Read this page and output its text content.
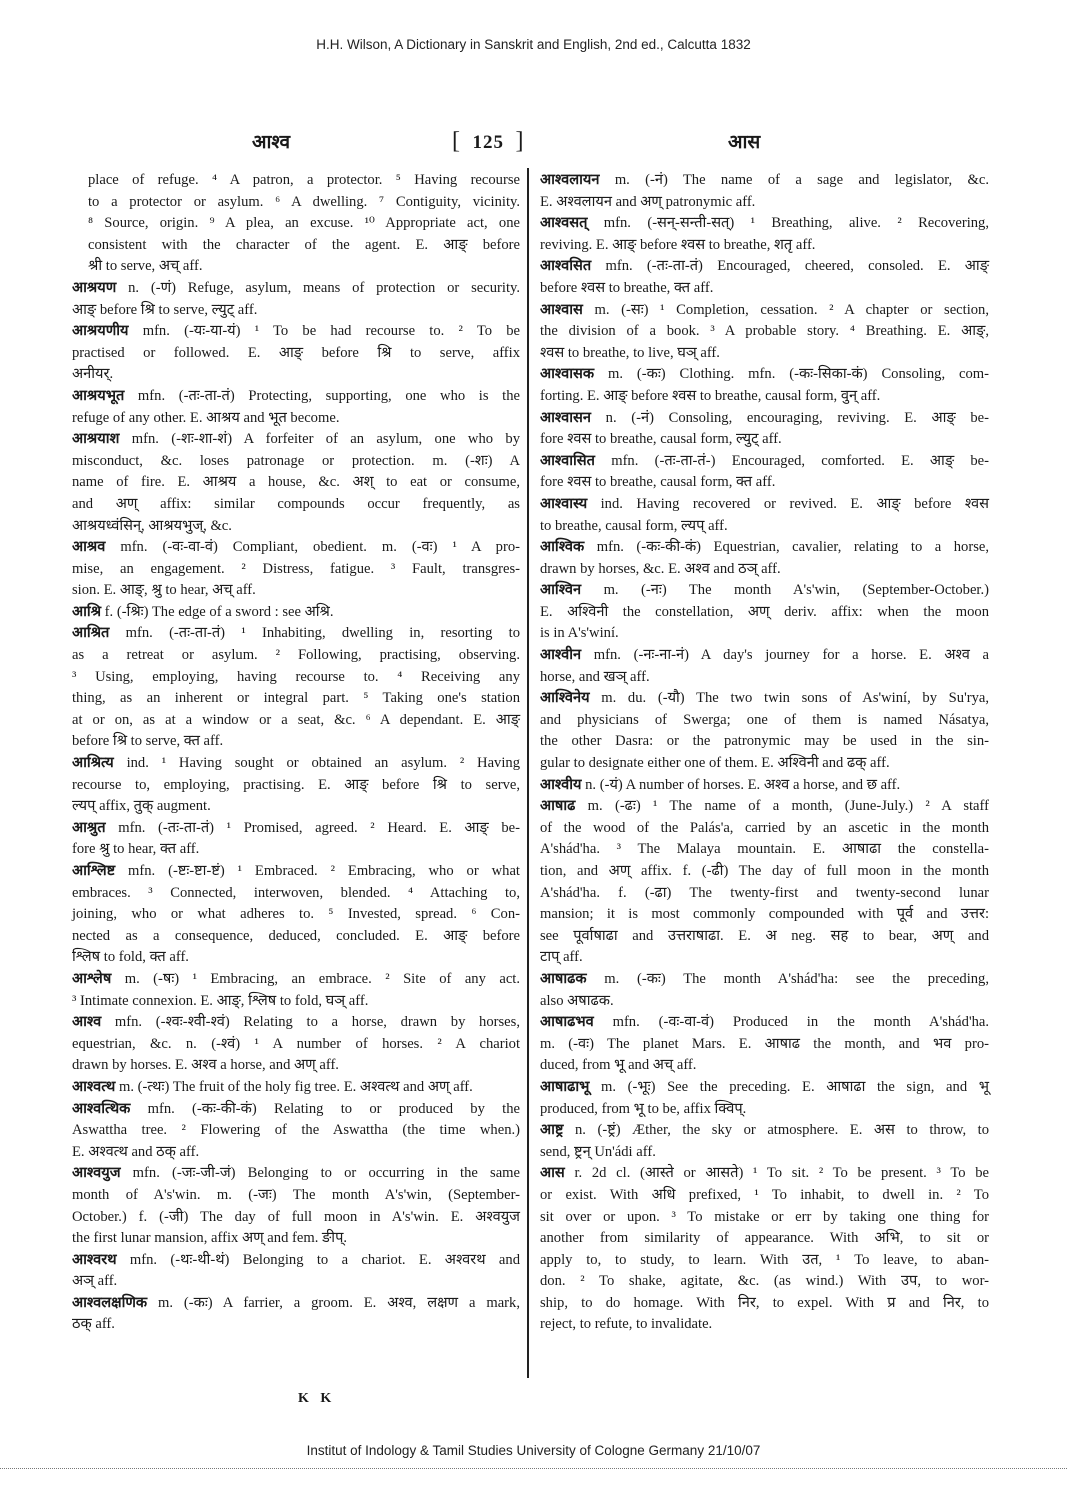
H.H. Wilson, A Dictionary in Sanskrit and English, 2nd ed., Calcutta 1832
आश्व	[ 125 ]	आस
place of refuge. ⁴ A patron, a protector. ⁵ Having recourse
to a protector or asylum. ⁶ A dwelling. ⁷ Contiguity, vicinity.
⁸ Source, origin. ⁹ A plea, an excuse. ¹⁰ Appropriate act, one
consistent with the character of the agent. E. आङ् before
श्री to serve, अच् aff.
आश्रयण n. (-णं) Refuge, asylum, means of protection or security.
आङ् before श्रि to serve, ल्युट् aff.
आश्रयणीय mfn. (-यः-या-यं) ¹ To be had recourse to. ² To be
practised or followed. E. आङ् before श्रि to serve, affix
अनीयर्.
आश्रयभूत mfn. (-तः-ता-तं) Protecting, supporting, one who is the
refuge of any other. E. आश्रय and भूत become.
आश्रयाश mfn. (-शः-शा-शं) A forfeiter of an asylum, one who by
misconduct, &c. loses patronage or protection. m. (-शः) A
name of fire. E. आश्रय a house, &c. अश् to eat or consume,
and अण् affix: similar compounds occur frequently, as
आश्रयध्वंसिन्, आश्रयभुज्, &c.
आश्रव mfn. (-वः-वा-वं) Compliant, obedient. m. (-वः) ¹ A pro-
mise, an engagement. ² Distress, fatigue. ³ Fault, transgres-
sion. E. आङ्, श्रु to hear, अच् aff.
आश्रि f. (-श्रिः) The edge of a sword : see अश्रि.
आश्रित mfn. (-तः-ता-तं) ¹ Inhabiting, dwelling in, resorting to
as a retreat or asylum. ² Following, practising, observing.
³ Using, employing, having recourse to. ⁴ Receiving any
thing, as an inherent or integral part. ⁵ Taking one's station
at or on, as at a window or a seat, &c. ⁶ A dependant. E. आङ्
before श्रि to serve, क्त aff.
आश्रित्य ind. ¹ Having sought or obtained an asylum. ² Having
recourse to, employing, practising. E. आङ् before श्रि to serve,
ल्यप् affix, तुक् augment.
आश्रुत mfn. (-तः-ता-तं) ¹ Promised, agreed. ² Heard. E. आङ् be-
fore श्रु to hear, क्त aff.
आश्लिष्ट mfn. (-ष्टः-ष्टा-ष्टं) ¹ Embraced. ² Embracing, who or what
embraces. ³ Connected, interwoven, blended. ⁴ Attaching to,
joining, who or what adheres to. ⁵ Invested, spread. ⁶ Con-
nected as a consequence, deduced, concluded. E. आङ् before
श्लिष to fold, क्त aff.
आश्लेष m. (-षः) ¹ Embracing, an embrace. ² Site of any act.
³ Intimate connexion. E. आङ्, श्लिष to fold, घञ् aff.
आश्व mfn. (-श्वः-श्वी-श्वं) Relating to a horse, drawn by horses,
equestrian, &c. n. (-श्वं) ¹ A number of horses. ² A chariot
drawn by horses. E. अश्व a horse, and अण् aff.
आश्वत्थ m. (-त्थः) The fruit of the holy fig tree. E. अश्वत्थ and अण् aff.
आश्वत्थिक mfn. (-कः-की-कं) Relating to or produced by the
Aswattha tree. ² Flowering of the Aswattha (the time when.)
E. अश्वत्थ and ठक् aff.
आश्वयुज mfn. (-जः-जी-जं) Belonging to or occurring in the same
month of A's'win. m. (-जः) The month A's'win, (September-
October.) f. (-जी) The day of full moon in A's'win. E. अश्वयुज
the first lunar mansion, affix अण् and fem. ङीप्.
आश्वरथ mfn. (-थः-थी-थं) Belonging to a chariot. E. अश्वरथ and
अञ् aff.
आश्वलक्षणिक m. (-कः) A farrier, a groom. E. अश्व, लक्षण a mark,
ठक् aff.
आश्वलायन m. (-नं) The name of a sage and legislator, &c.
E. अश्वलायन and अण् patronymic aff.
आश्वसत् mfn. (-सन्-सन्ती-सत्) ¹ Breathing, alive. ² Recovering,
reviving. E. आङ् before श्वस to breathe, शतृ aff.
आश्वसित mfn. (-तः-ता-तं) Encouraged, cheered, consoled. E. आङ्
before श्वस to breathe, क्त aff.
आश्वास m. (-सः) ¹ Completion, cessation. ² A chapter or section,
the division of a book. ³ A probable story. ⁴ Breathing. E. आङ्,
श्वस to breathe, to live, घञ् aff.
आश्वासक m. (-कः) Clothing. mfn. (-कः-सिका-कं) Consoling, com-
forting. E. आङ् before श्वस to breathe, causal form, वुन् aff.
आश्वासन n. (-नं) Consoling, encouraging, reviving. E. आङ् be-
fore श्वस to breathe, causal form, ल्युट् aff.
आश्वासित mfn. (-तः-ता-तं-) Encouraged, comforted. E. आङ् be-
fore श्वस to breathe, causal form, क्त aff.
आश्वास्य ind. Having recovered or revived. E. आङ् before श्वस
to breathe, causal form, ल्यप् aff.
आश्विक mfn. (-कः-की-कं) Equestrian, cavalier, relating to a horse,
drawn by horses, &c. E. अश्व and ठञ् aff.
आश्विन m. (-नः) The month A's'win, (September-October.)
E. अश्विनी the constellation, अण् deriv. affix: when the moon
is in A's'winí.
आश्वीन mfn. (-नः-ना-नं) A day's journey for a horse. E. अश्व a
horse, and खञ् aff.
आश्विनेय m. du. (-यौ) The two twin sons of As'winí, by Su'rya,
and physicians of Swerga; one of them is named Násatya,
the other Dasra: or the patronymic may be used in the sin-
gular to designate either one of them. E. अश्विनी and ढक् aff.
आश्वीय n. (-यं) A number of horses. E. अश्व a horse, and छ aff.
आषाढ m. (-ढः) ¹ The name of a month, (June-July.) ² A staff
of the wood of the Palás'a, carried by an ascetic in the month
A'shád'ha. ³ The Malaya mountain. E. आषाढा the constella-
tion, and अण् affix. f. (-ढी) The day of full moon in the month
A'shád'ha. f. (-ढा) The twenty-first and twenty-second lunar
mansion; it is most commonly compounded with पूर्व and उत्तर:
see पूर्वाषाढा and उत्तराषाढा. E. अ neg. सह to bear, अण् and
टाप् aff.
आषाढक m. (-कः) The month A'shád'ha: see the preceding,
also अषाढक.
आषाढभव mfn. (-वः-वा-वं) Produced in the month A'shád'ha.
m. (-वः) The planet Mars. E. आषाढ the month, and भव pro-
duced, from भू and अच् aff.
आषाढाभू m. (-भूः) See the preceding. E. आषाढा the sign, and भू
produced, from भू to be, affix क्विप्.
आष्ट्र n. (-ष्ट्रं) Æther, the sky or atmosphere. E. अस to throw, to
send, ष्ट्रन् Un'ádi aff.
आस r. 2d cl. (आस्ते or आसते) ¹ To sit. ² To be present. ³ To be
or exist. With अधि prefixed, ¹ To inhabit, to dwell in. ² To
sit over or upon. ³ To mistake or err by taking one thing for
another from similarity of appearance. With अभि, to sit or
apply to, to study, to learn. With उत, ¹ To leave, to aban-
don. ² To shake, agitate, &c. (as wind.) With उप, to wor-
ship, to do homage. With निर, to expel. With प्र and निर, to
reject, to refute, to invalidate.
K K
Institut of Indology & Tamil Studies University of Cologne Germany 21/10/07
